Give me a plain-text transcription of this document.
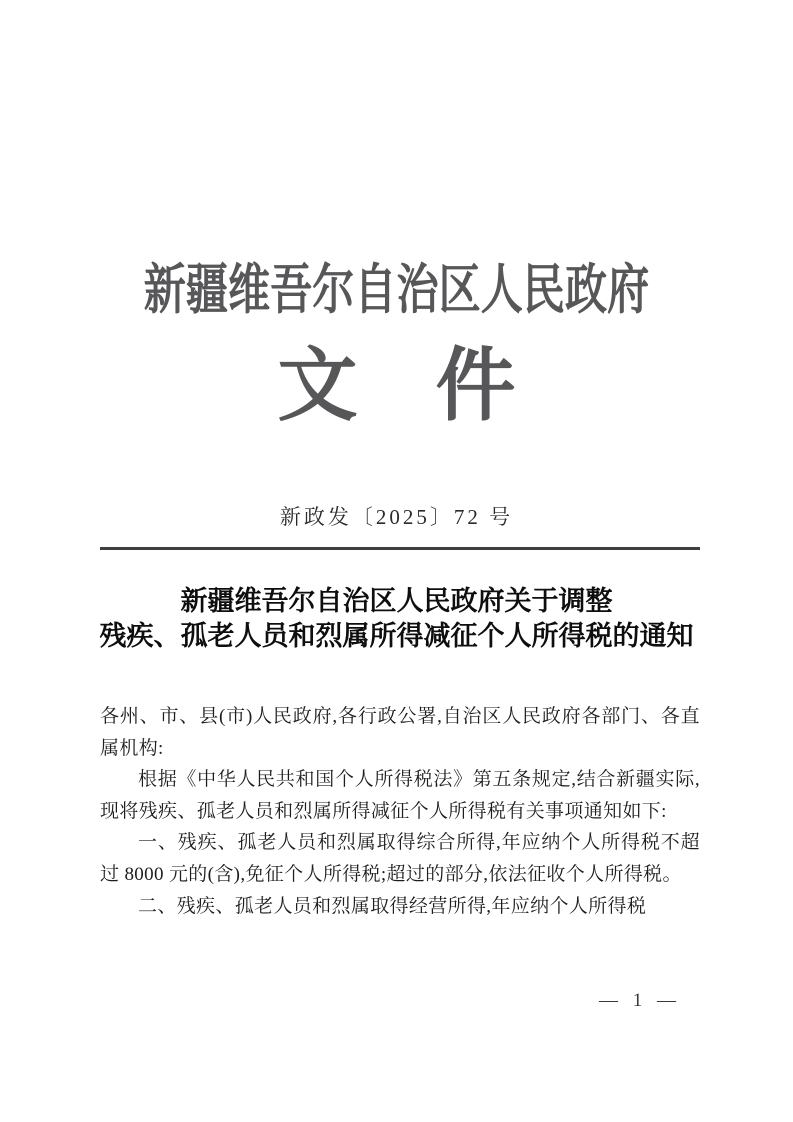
新疆维吾尔自治区人民政府
文件
新政发〔2025〕72 号
新疆维吾尔自治区人民政府关于调整
残疾、孤老人员和烈属所得减征个人所得税的通知

各州、市、县(市)人民政府,各行政公署,自治区人民政府各部门、各直属机构:

根据《中华人民共和国个人所得税法》第五条规定,结合新疆实际,现将残疾、孤老人员和烈属所得减征个人所得税有关事项通知如下:

一、残疾、孤老人员和烈属取得综合所得,年应纳个人所得税不超过 8000 元的(含),免征个人所得税;超过的部分,依法征收个人所得税。

二、残疾、孤老人员和烈属取得经营所得,年应纳个人所得税

— 1 —
